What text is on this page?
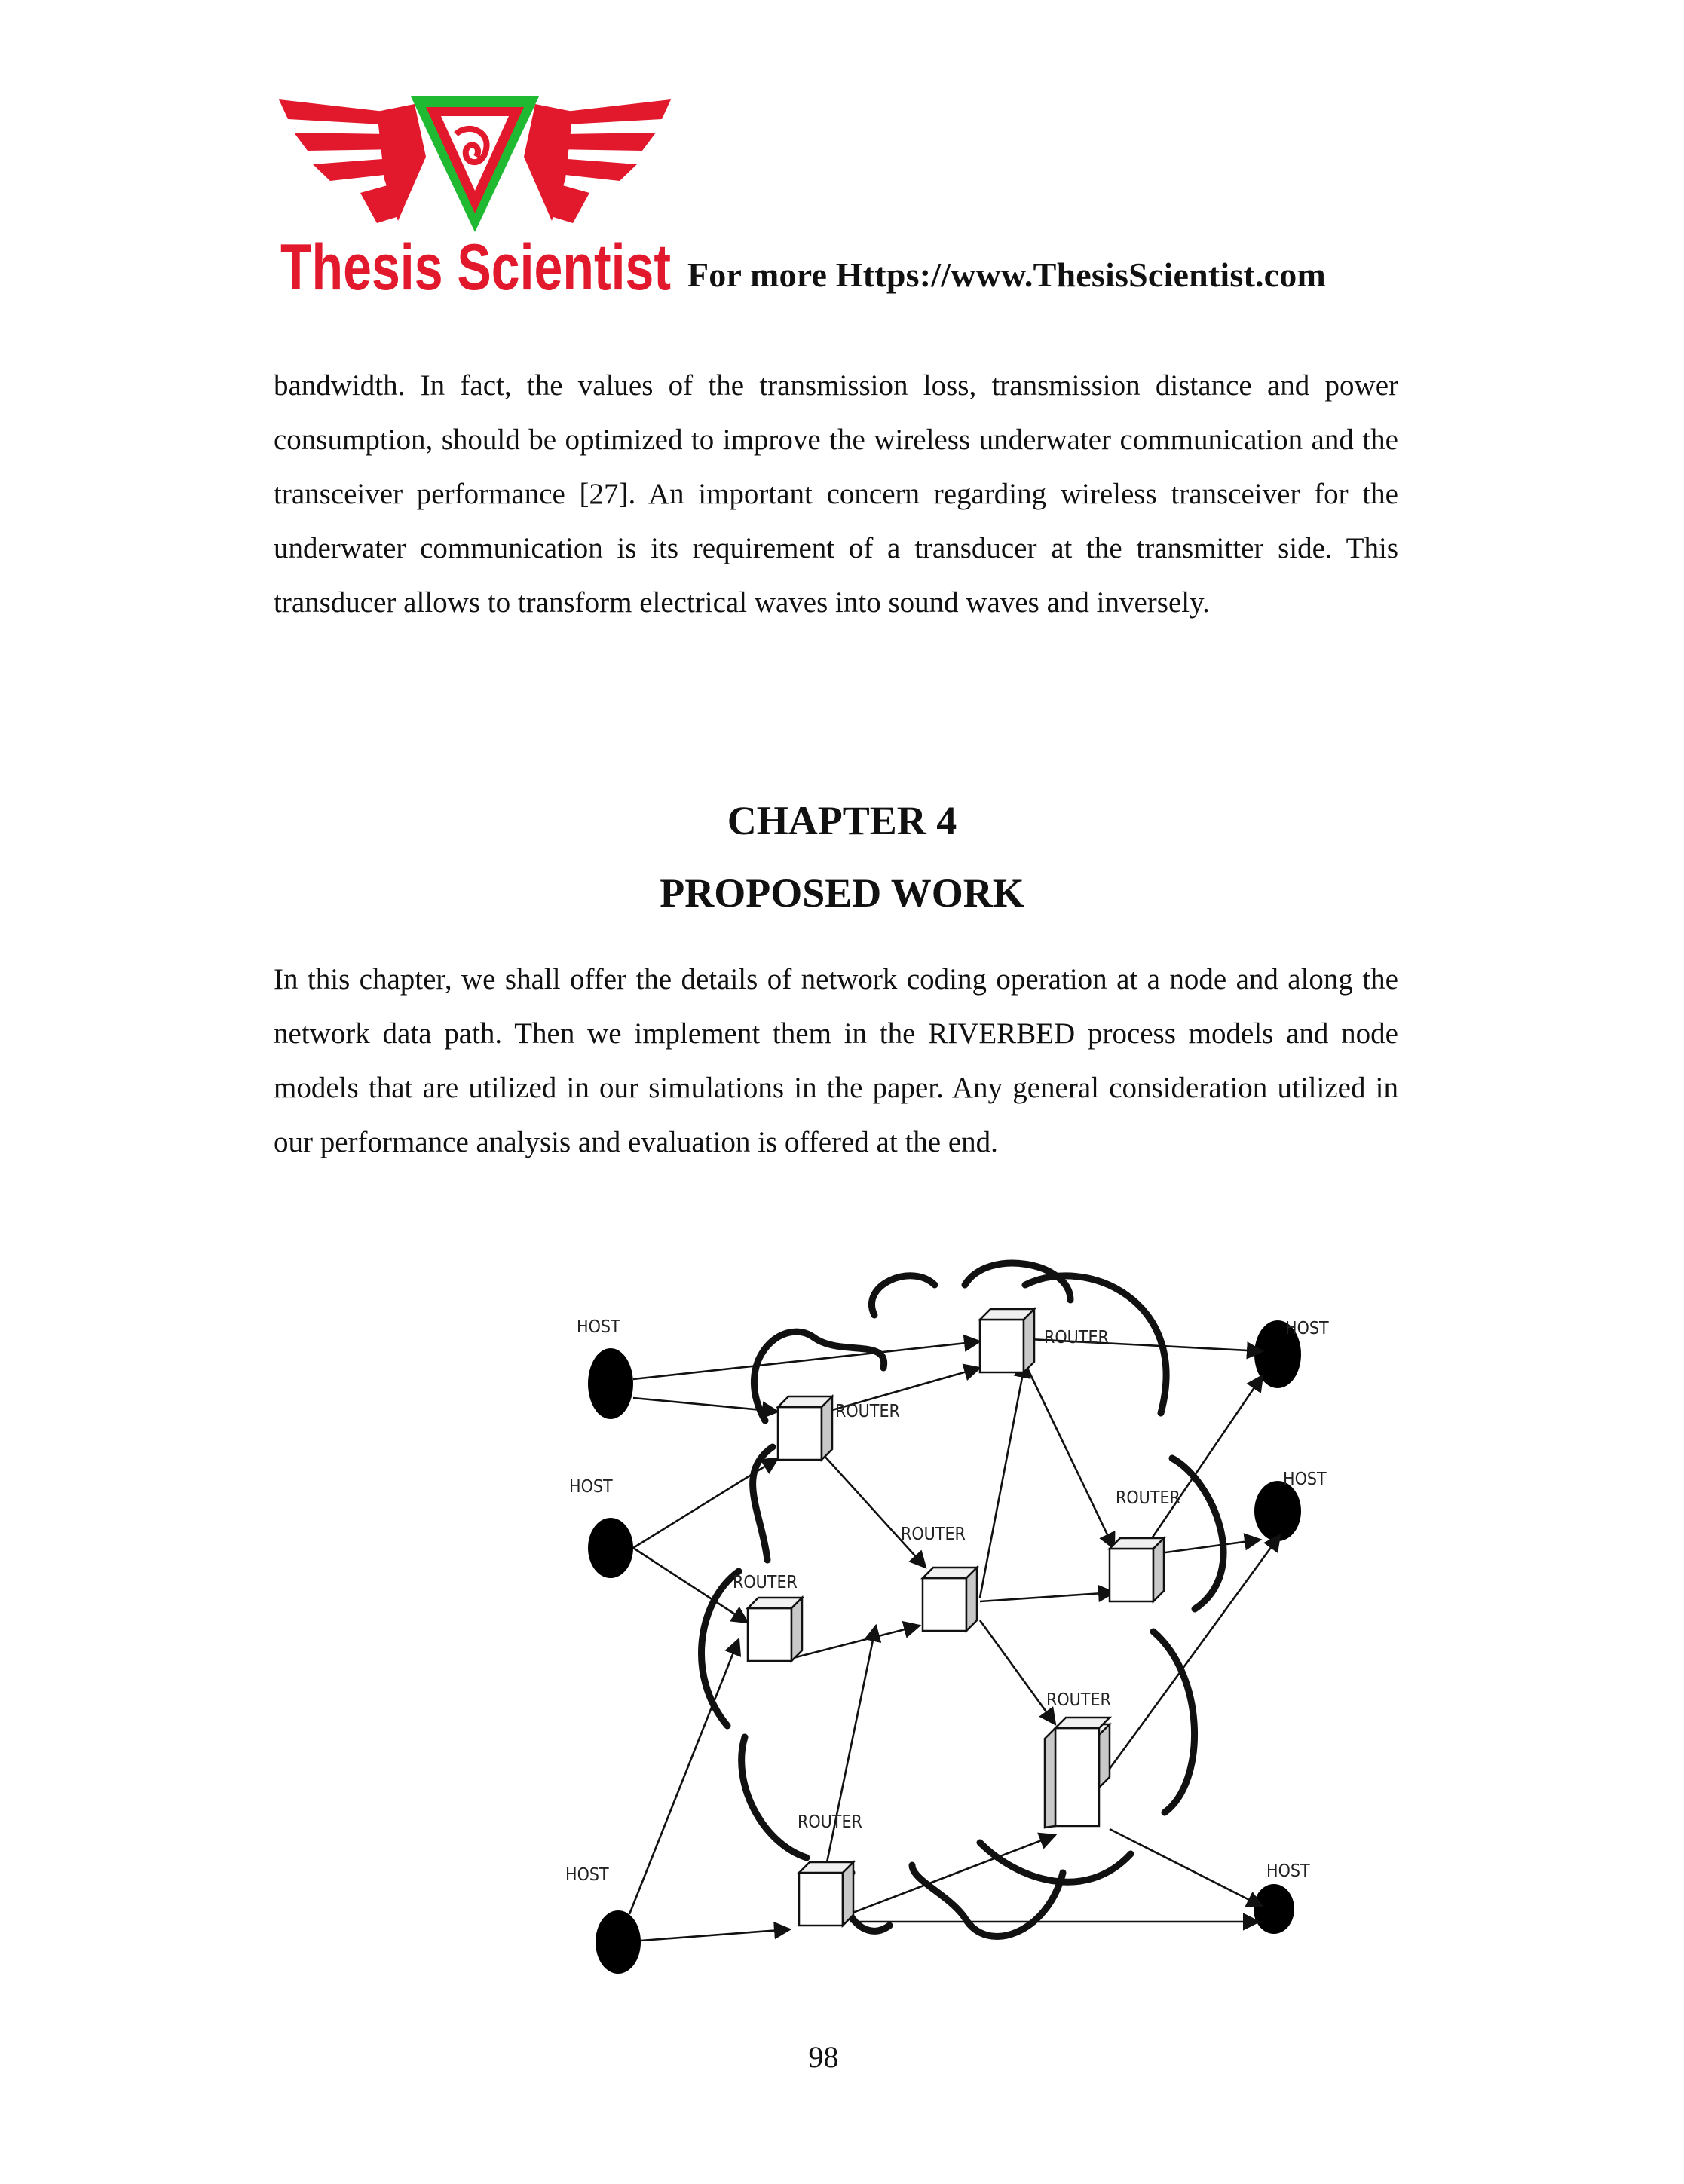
Thesis Scientist For more Https://www.ThesisScientist.com

bandwidth. In fact, the values of the transmission loss, transmission distance and power consumption, should be optimized to improve the wireless underwater communication and the transceiver performance [27]. An important concern regarding wireless transceiver for the underwater communication is its requirement of a transducer at the transmitter side. This transducer allows to transform electrical waves into sound waves and inversely.

CHAPTER 4
PROPOSED WORK

In this chapter, we shall offer the details of network coding operation at a node and along the network data path. Then we implement them in the RIVERBED process models and node models that are utilized in our simulations in the paper. Any general consideration utilized in our performance analysis and evaluation is offered at the end.

HOST
HOST
HOST
HOST
HOST
HOST
ROUTER
ROUTER
ROUTER
ROUTER
ROUTER
ROUTER
ROUTER
98
